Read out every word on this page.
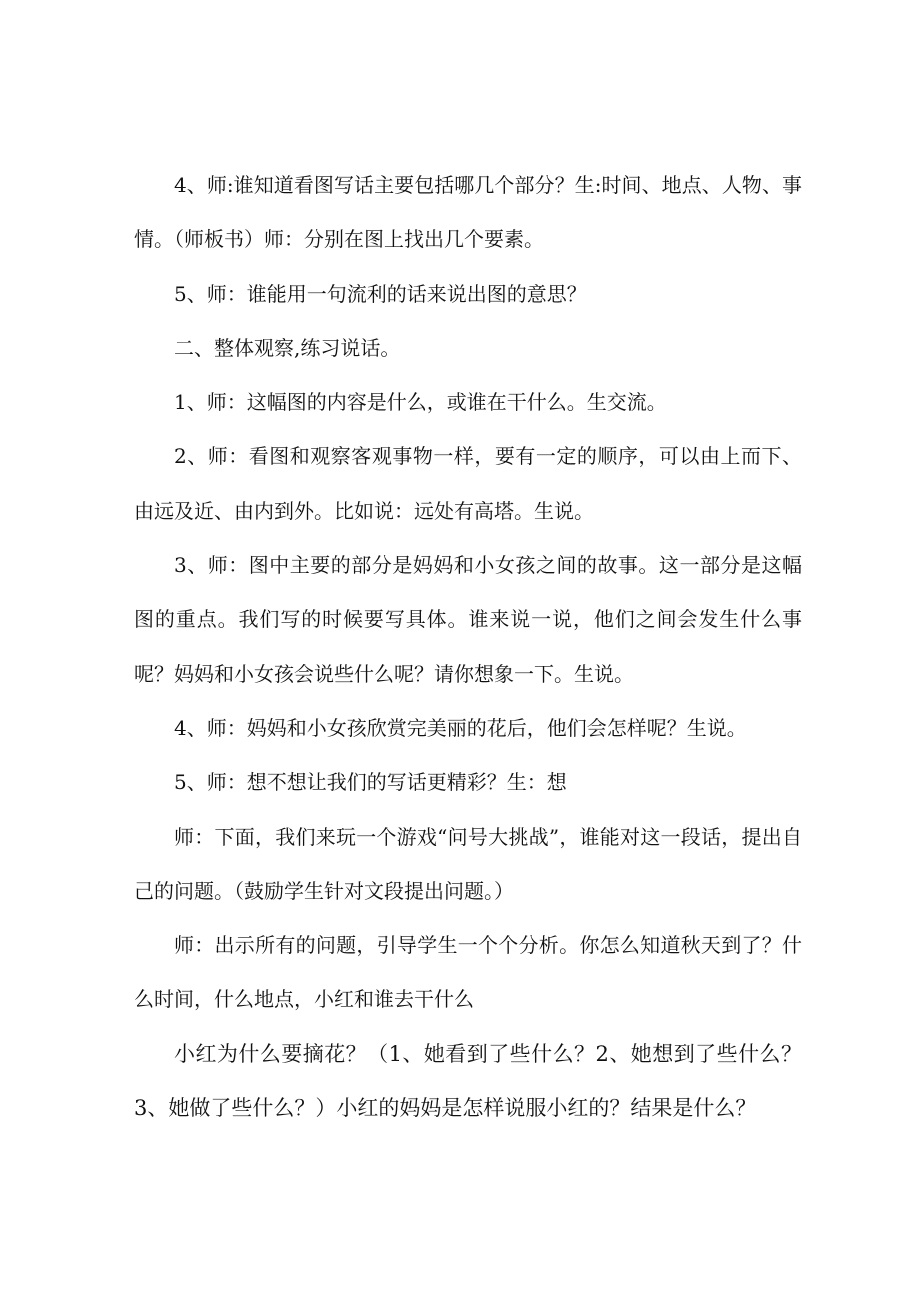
4、师:谁知道看图写话主要包括哪几个部分？生:时间、地点、人物、事情。（师板书）师：分别在图上找出几个要素。

5、师：谁能用一句流利的话来说出图的意思？

二、整体观察,练习说话。

1、师：这幅图的内容是什么，或谁在干什么。生交流。

2、师：看图和观察客观事物一样，要有一定的顺序，可以由上而下、由远及近、由内到外。比如说：远处有高塔。生说。

3、师：图中主要的部分是妈妈和小女孩之间的故事。这一部分是这幅图的重点。我们写的时候要写具体。谁来说一说，他们之间会发生什么事呢？妈妈和小女孩会说些什么呢？请你想象一下。生说。

4、师：妈妈和小女孩欣赏完美丽的花后，他们会怎样呢？生说。

5、师：想不想让我们的写话更精彩？生：想

师：下面，我们来玩一个游戏“问号大挑战”，谁能对这一段话，提出自己的问题。（鼓励学生针对文段提出问题。）

师：出示所有的问题，引导学生一个个分析。你怎么知道秋天到了？什么时间，什么地点，小红和谁去干什么

小红为什么要摘花？（1、她看到了些什么？2、她想到了些什么？3、她做了些什么？）小红的妈妈是怎样说服小红的？结果是什么？
